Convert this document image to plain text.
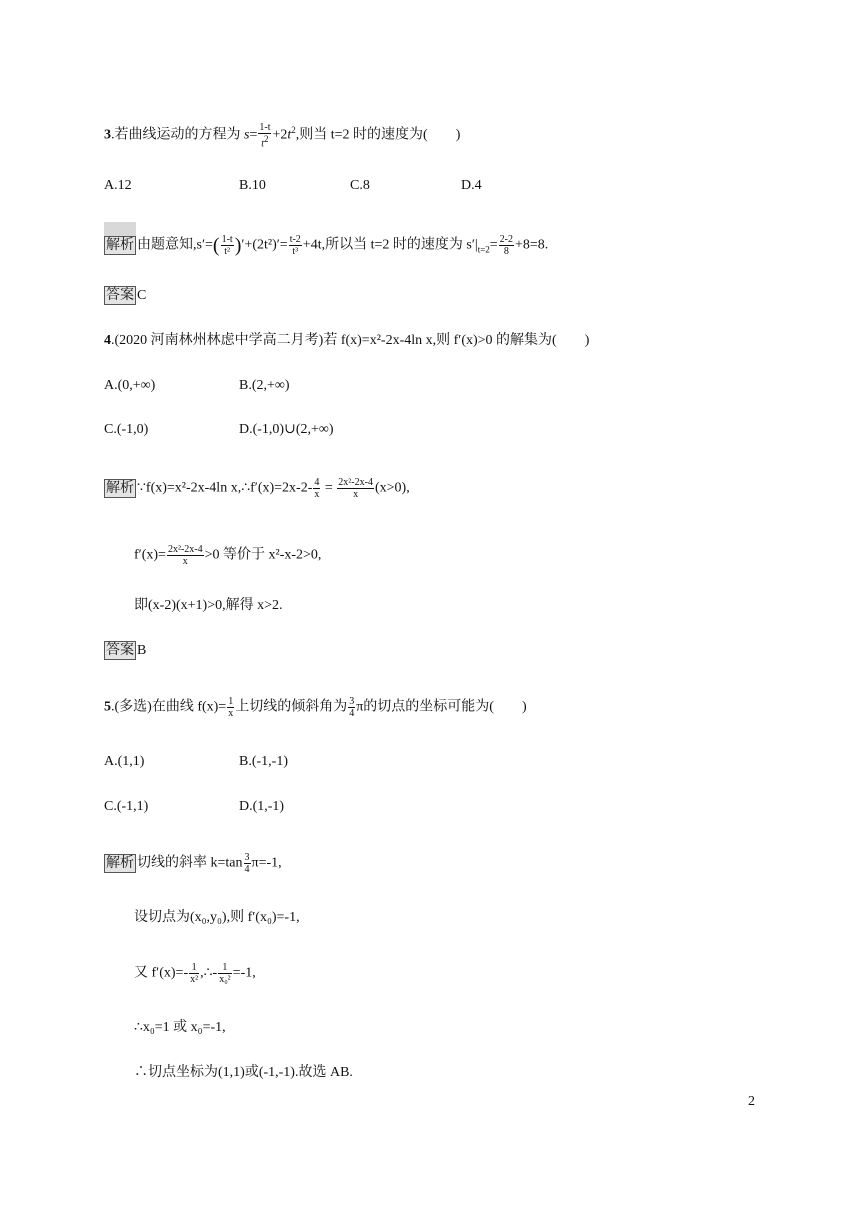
3.若曲线运动的方程为 $s= \frac{1-t}{t^2} +2t^2$,则当 t=2 时的速度为( )
A.12	B.10	C.8	D.4
解析 由题意知$,s'=( \frac{1-t}{\text{t²}} )'+(2t^2)'= \frac{t-2}{\text{t³}} +4t$,所以当 t=2 时的速度为 $s'|_{t=2}= \frac{2-2}{8} +8=8$.
答案 C
4.(2020 河南林州林虑中学高二月考)若 f(x)=x²-2x-4ln x,则 f′(x)>0 的解集为( )
A.(0,+∞)	B.(2,+∞)
C.(-1,0)	D.(-1,0)∪(2,+∞)
解析 ∵f(x)=x²-2x-4ln x,∴f′(x)=2x-2- $\frac{4}{x} = \frac{\text{2x²-2x-4}}{x} (x>0)$,
$f'(x)= \frac{\text{2x²-2x-4}}{x} >0$ 等价于 x²-x-2>0,
即(x-2)(x+1)>0,解得 x>2.
答案 B
5.(多选)在曲线 $f(x)= \frac{1}{x}$ 上切线的倾斜角为 $\frac{3}{4}$ π的切点的坐标可能为( )
A.(1,1)	B.(-1,-1)
C.(-1,1)	D.(1,-1)
解析 切线的斜率 $k=\tan \frac{3}{4} \pi=-1$,
设切点为(x₀,y₀),则 f′(x₀)=-1,
又 $f'(x)=- \frac{1}{\text{x²}}$ ,∴- $\frac{1}{\text{x₀²}} =-1$,
∴x₀=1 或 x₀=-1,
∴切点坐标为(1,1)或(-1,-1).故选 AB.
2
